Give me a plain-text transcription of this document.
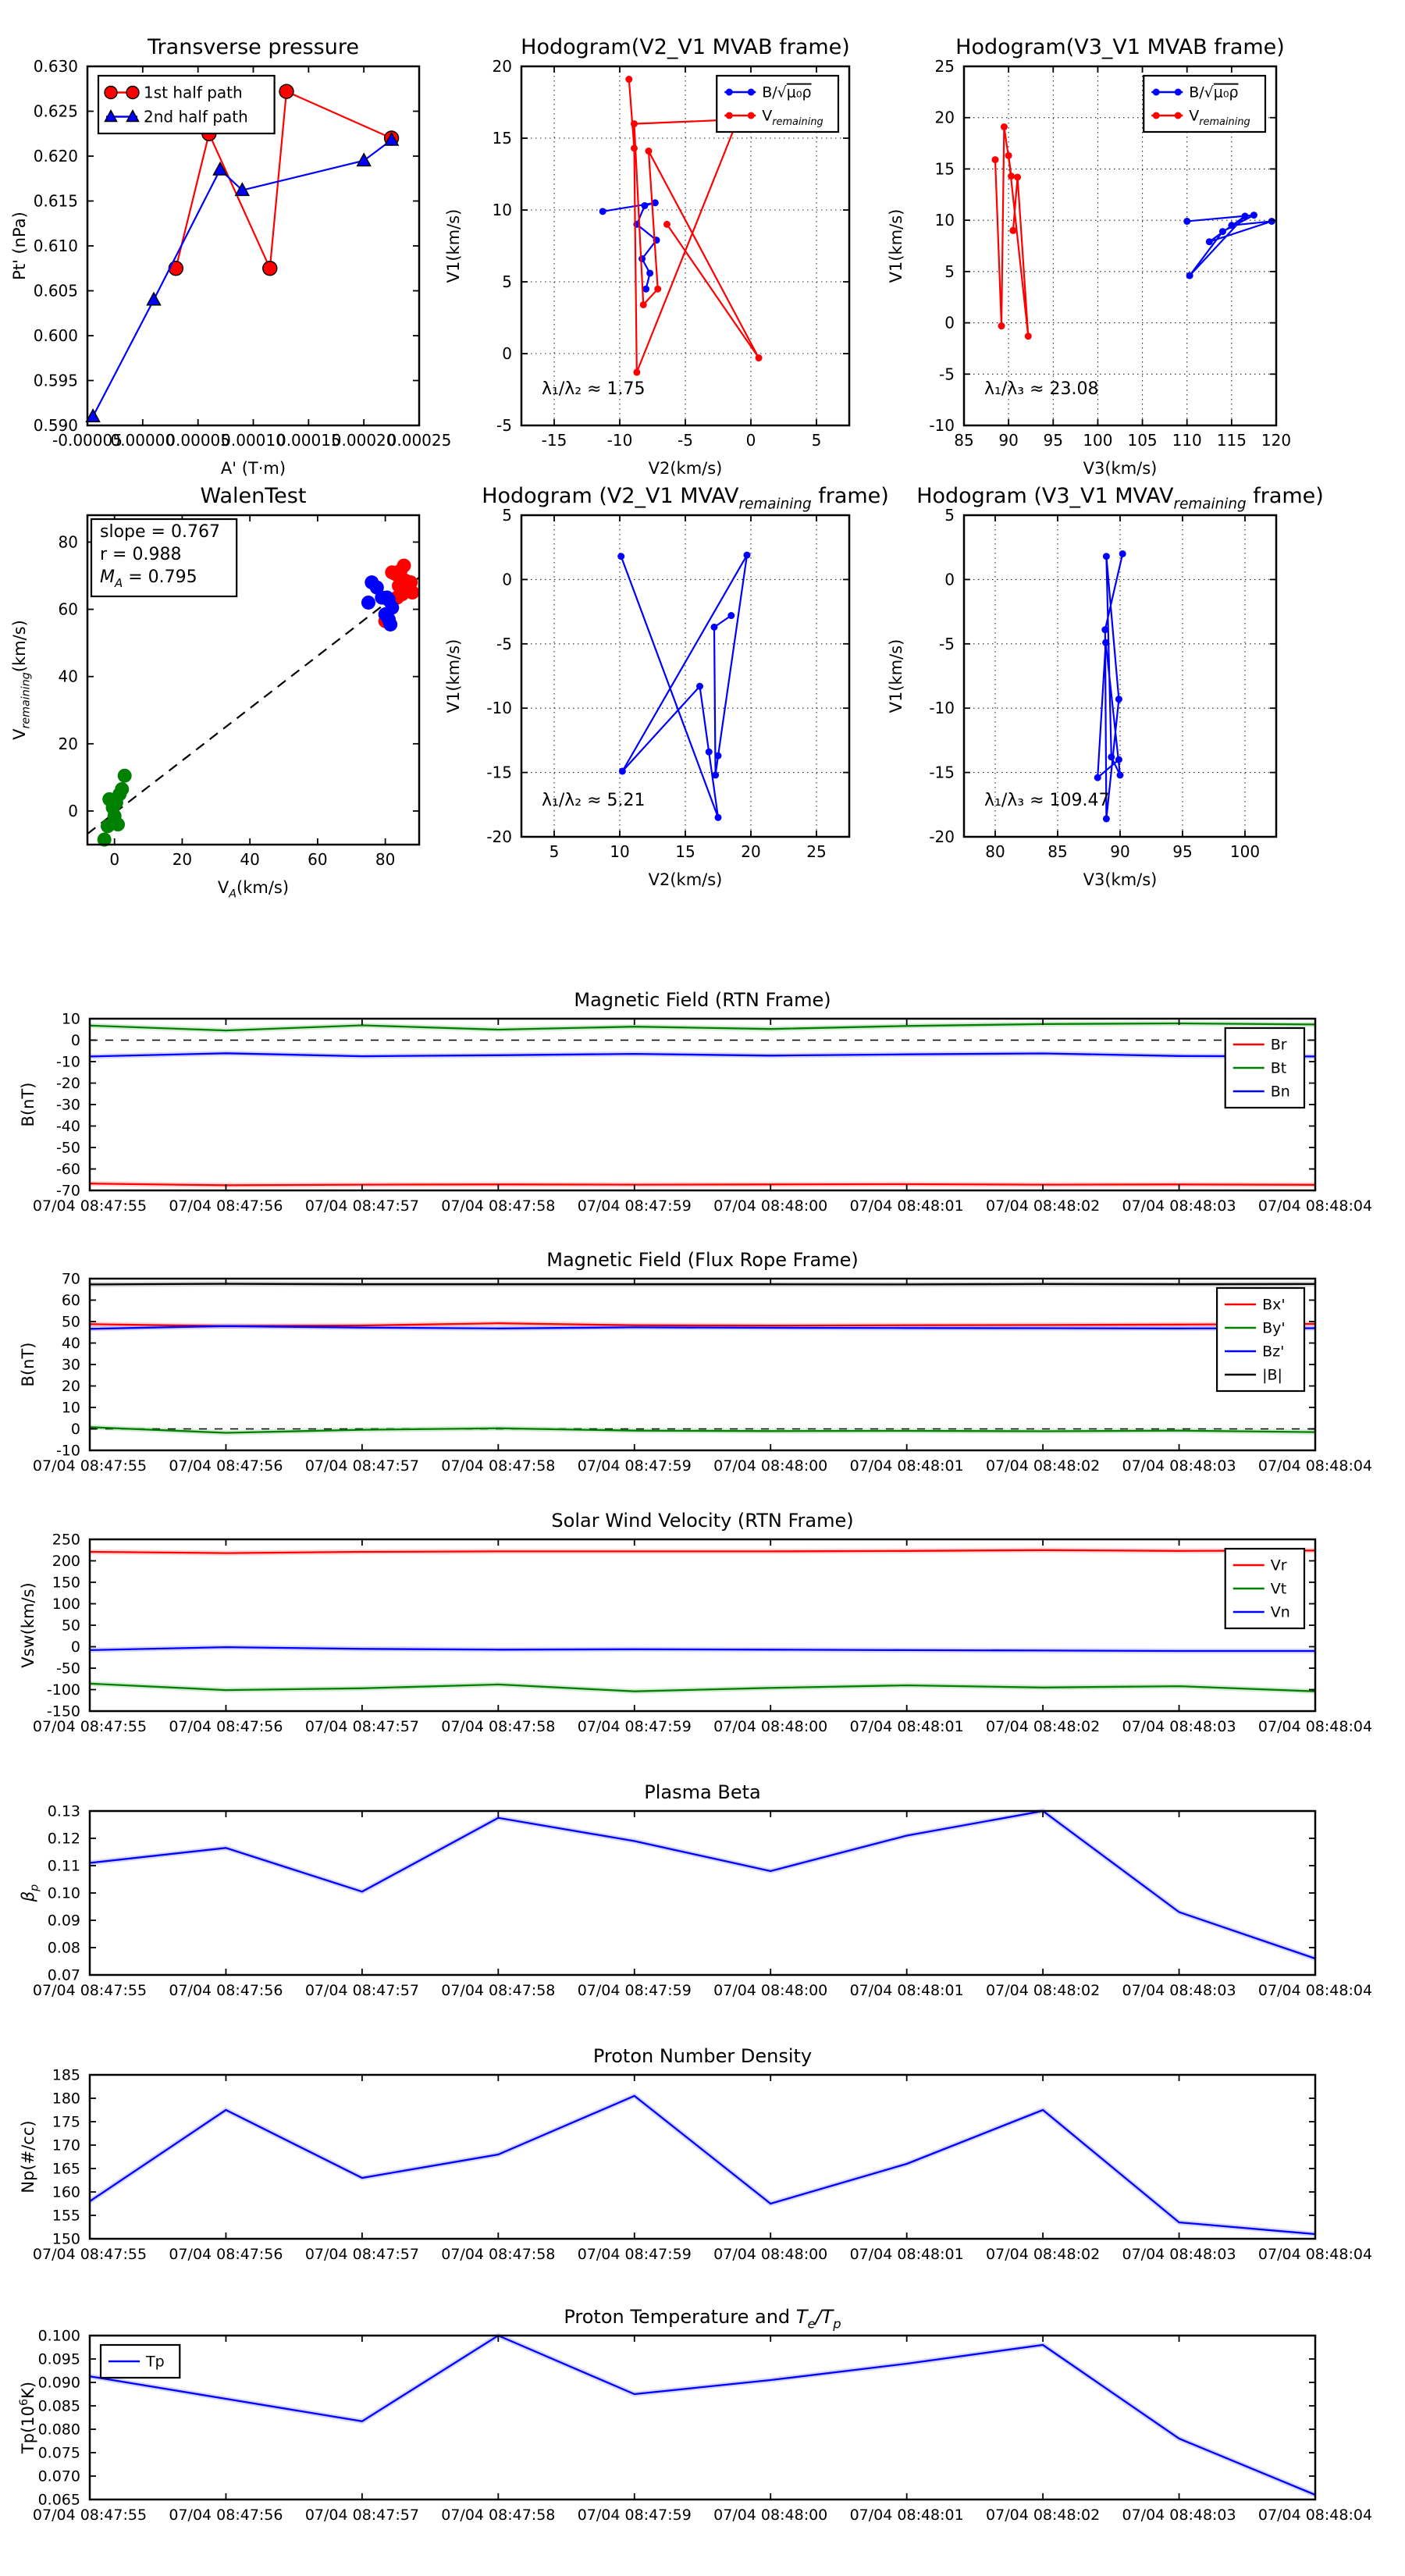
-0.00005
0.00000
0.00005
0.00010
0.00015
0.00020
0.00025
0.590
0.595
0.600
0.605
0.610
0.615
0.620
0.625
0.630
Transverse pressure
A' (T·m)
Pt' (nPa)
1st half path
2nd half path
-15	-10	-5	0	5
-5
0
5
10
15
20
Hodogram(V2_V1 MVAB frame)
V2(km/s)
V1(km/s)
λ₁/λ₂ ≈ 1.75
B/√μ₀ρ
$V_{remaining}$
85 90 95 100 105 110 115 120
-10
-5
0
5
10
15
20
25
Hodogram(V3_V1 MVAB frame)
V3(km/s)
V1(km/s)
λ₁/λ₃ ≈ 23.08
B/√μ₀ρ
$V_{remaining}$
0	20	40	60	80
0
20
40
60
80
WalenTest
$V_A(km/s)$
$V_{remaining}(km/s)$
slope = 0.767
r = 0.988
$M_A = 0.795$
5	10	15	20	25
-20
-15
-10
-5
0
5
Hodogram (V2_V1 $MVAV_{remaining}$ frame)
V2(km/s)
V1(km/s)
λ₁/λ₂ ≈ 5.21
80	85	90	95 100
-20
-15
-10
-5
0
5
Hodogram (V3_V1 $MVAV_{remaining}$ frame)
V3(km/s)
V1(km/s)
λ₁/λ₃ ≈ 109.47
07/04 08:47:55 07/04 08:47:56 07/04 08:47:57 07/04 08:47:58 07/04 08:47:59 07/04 08:48:00 07/04 08:48:01 07/04 08:48:02 07/04 08:48:03 07/04 08:48:04
10
0
-10
-20
-30
-40
-50
-60
-70
Magnetic Field (RTN Frame)
B(nT)
Br
Bt
Bn
07/04 08:47:55 07/04 08:47:56 07/04 08:47:57 07/04 08:47:58 07/04 08:47:59 07/04 08:48:00 07/04 08:48:01 07/04 08:48:02 07/04 08:48:03 07/04 08:48:04
70
60
50
40
30
20
10
0
-10
Magnetic Field (Flux Rope Frame)
B(nT)
Bx'
By'
Bz'
|B|
07/04 08:47:55 07/04 08:47:56 07/04 08:47:57 07/04 08:47:58 07/04 08:47:59 07/04 08:48:00 07/04 08:48:01 07/04 08:48:02 07/04 08:48:03 07/04 08:48:04
250
200
150
100
50
0
-50
-100
-150
Solar Wind Velocity (RTN Frame)
Vsw(km/s)
Vr
Vt
Vn
07/04 08:47:55 07/04 08:47:56 07/04 08:47:57 07/04 08:47:58 07/04 08:47:59 07/04 08:48:00 07/04 08:48:01 07/04 08:48:02 07/04 08:48:03 07/04 08:48:04
0.13
0.12
0.11
0.10
0.09
0.08
0.07
Plasma Beta
$\beta_p$
07/04 08:47:55 07/04 08:47:56 07/04 08:47:57 07/04 08:47:58 07/04 08:47:59 07/04 08:48:00 07/04 08:48:01 07/04 08:48:02 07/04 08:48:03 07/04 08:48:04
185
180
175
170
165
160
155
150
Proton Number Density
Np(#/cc)
07/04 08:47:55 07/04 08:47:56 07/04 08:47:57 07/04 08:47:58 07/04 08:47:59 07/04 08:48:00 07/04 08:48:01 07/04 08:48:02 07/04 08:48:03 07/04 08:48:04
0.100
0.095
0.090
0.085
0.080
0.075
0.070
0.065
Proton Temperature and $T_e/T_p$
$Tp(10^6K)$
Tp
